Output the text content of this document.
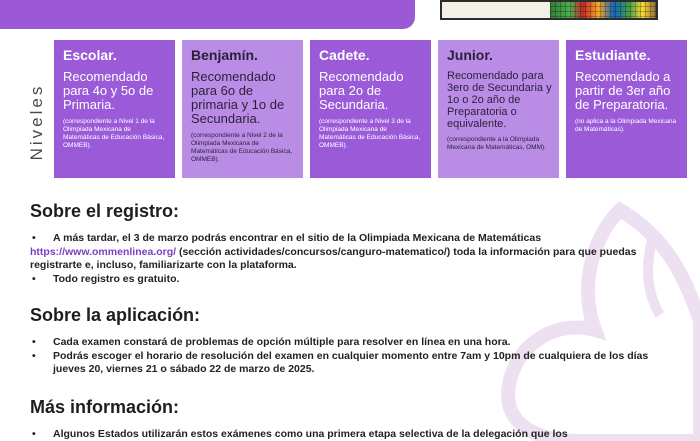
Niveles
Escolar.
Recomendado para 4o y 5o de Primaria.
(correspondiente a Nivel 1 de la Olimpiada Mexicana de Matemáticas de Educación Básica, OMMEB).
Benjamín.
Recomendado para 6o de primaria y 1o de Secundaria.
(correspondiente a Nivel 2 de la Olimpiada Mexicana de Matemáticas de Educación Básica, OMMEB).
Cadete.
Recomendado para 2o de Secundaria.
(correspondiente a Nivel 3 de la Olimpiada Mexicana de Matemáticas de Educación Básica, OMMEB).
Junior.
Recomendado para 3ero de Secundaria y 1o o 2o año de Preparatoria o equivalente.
(correspondiente a la Olimpiada Mexicana de Matemáticas, OMM).
Estudiante.
Recomendado a partir de 3er año de Preparatoria.
(no aplica a la Olimpiada Mexicana de Matemáticas).
Sobre el registro:
• A más tardar, el 3 de marzo podrás encontrar en el sitio de la Olimpiada Mexicana de Matemáticas
https://www.ommenlinea.org/ (sección actividades/concursos/canguro-matematico/) toda la información para que puedas registrarte e, incluso, familiarizarte con la plataforma.
• Todo registro es gratuito.
Sobre la aplicación:
• Cada examen constará de problemas de opción múltiple para resolver en línea en una hora.
• Podrás escoger el horario de resolución del examen en cualquier momento entre 7am y 10pm de cualquiera de los días jueves 20, viernes 21 o sábado 22 de marzo de 2025.
Más información:
• Algunos Estados utilizarán estos exámenes como una primera etapa selectiva de la delegación que los
